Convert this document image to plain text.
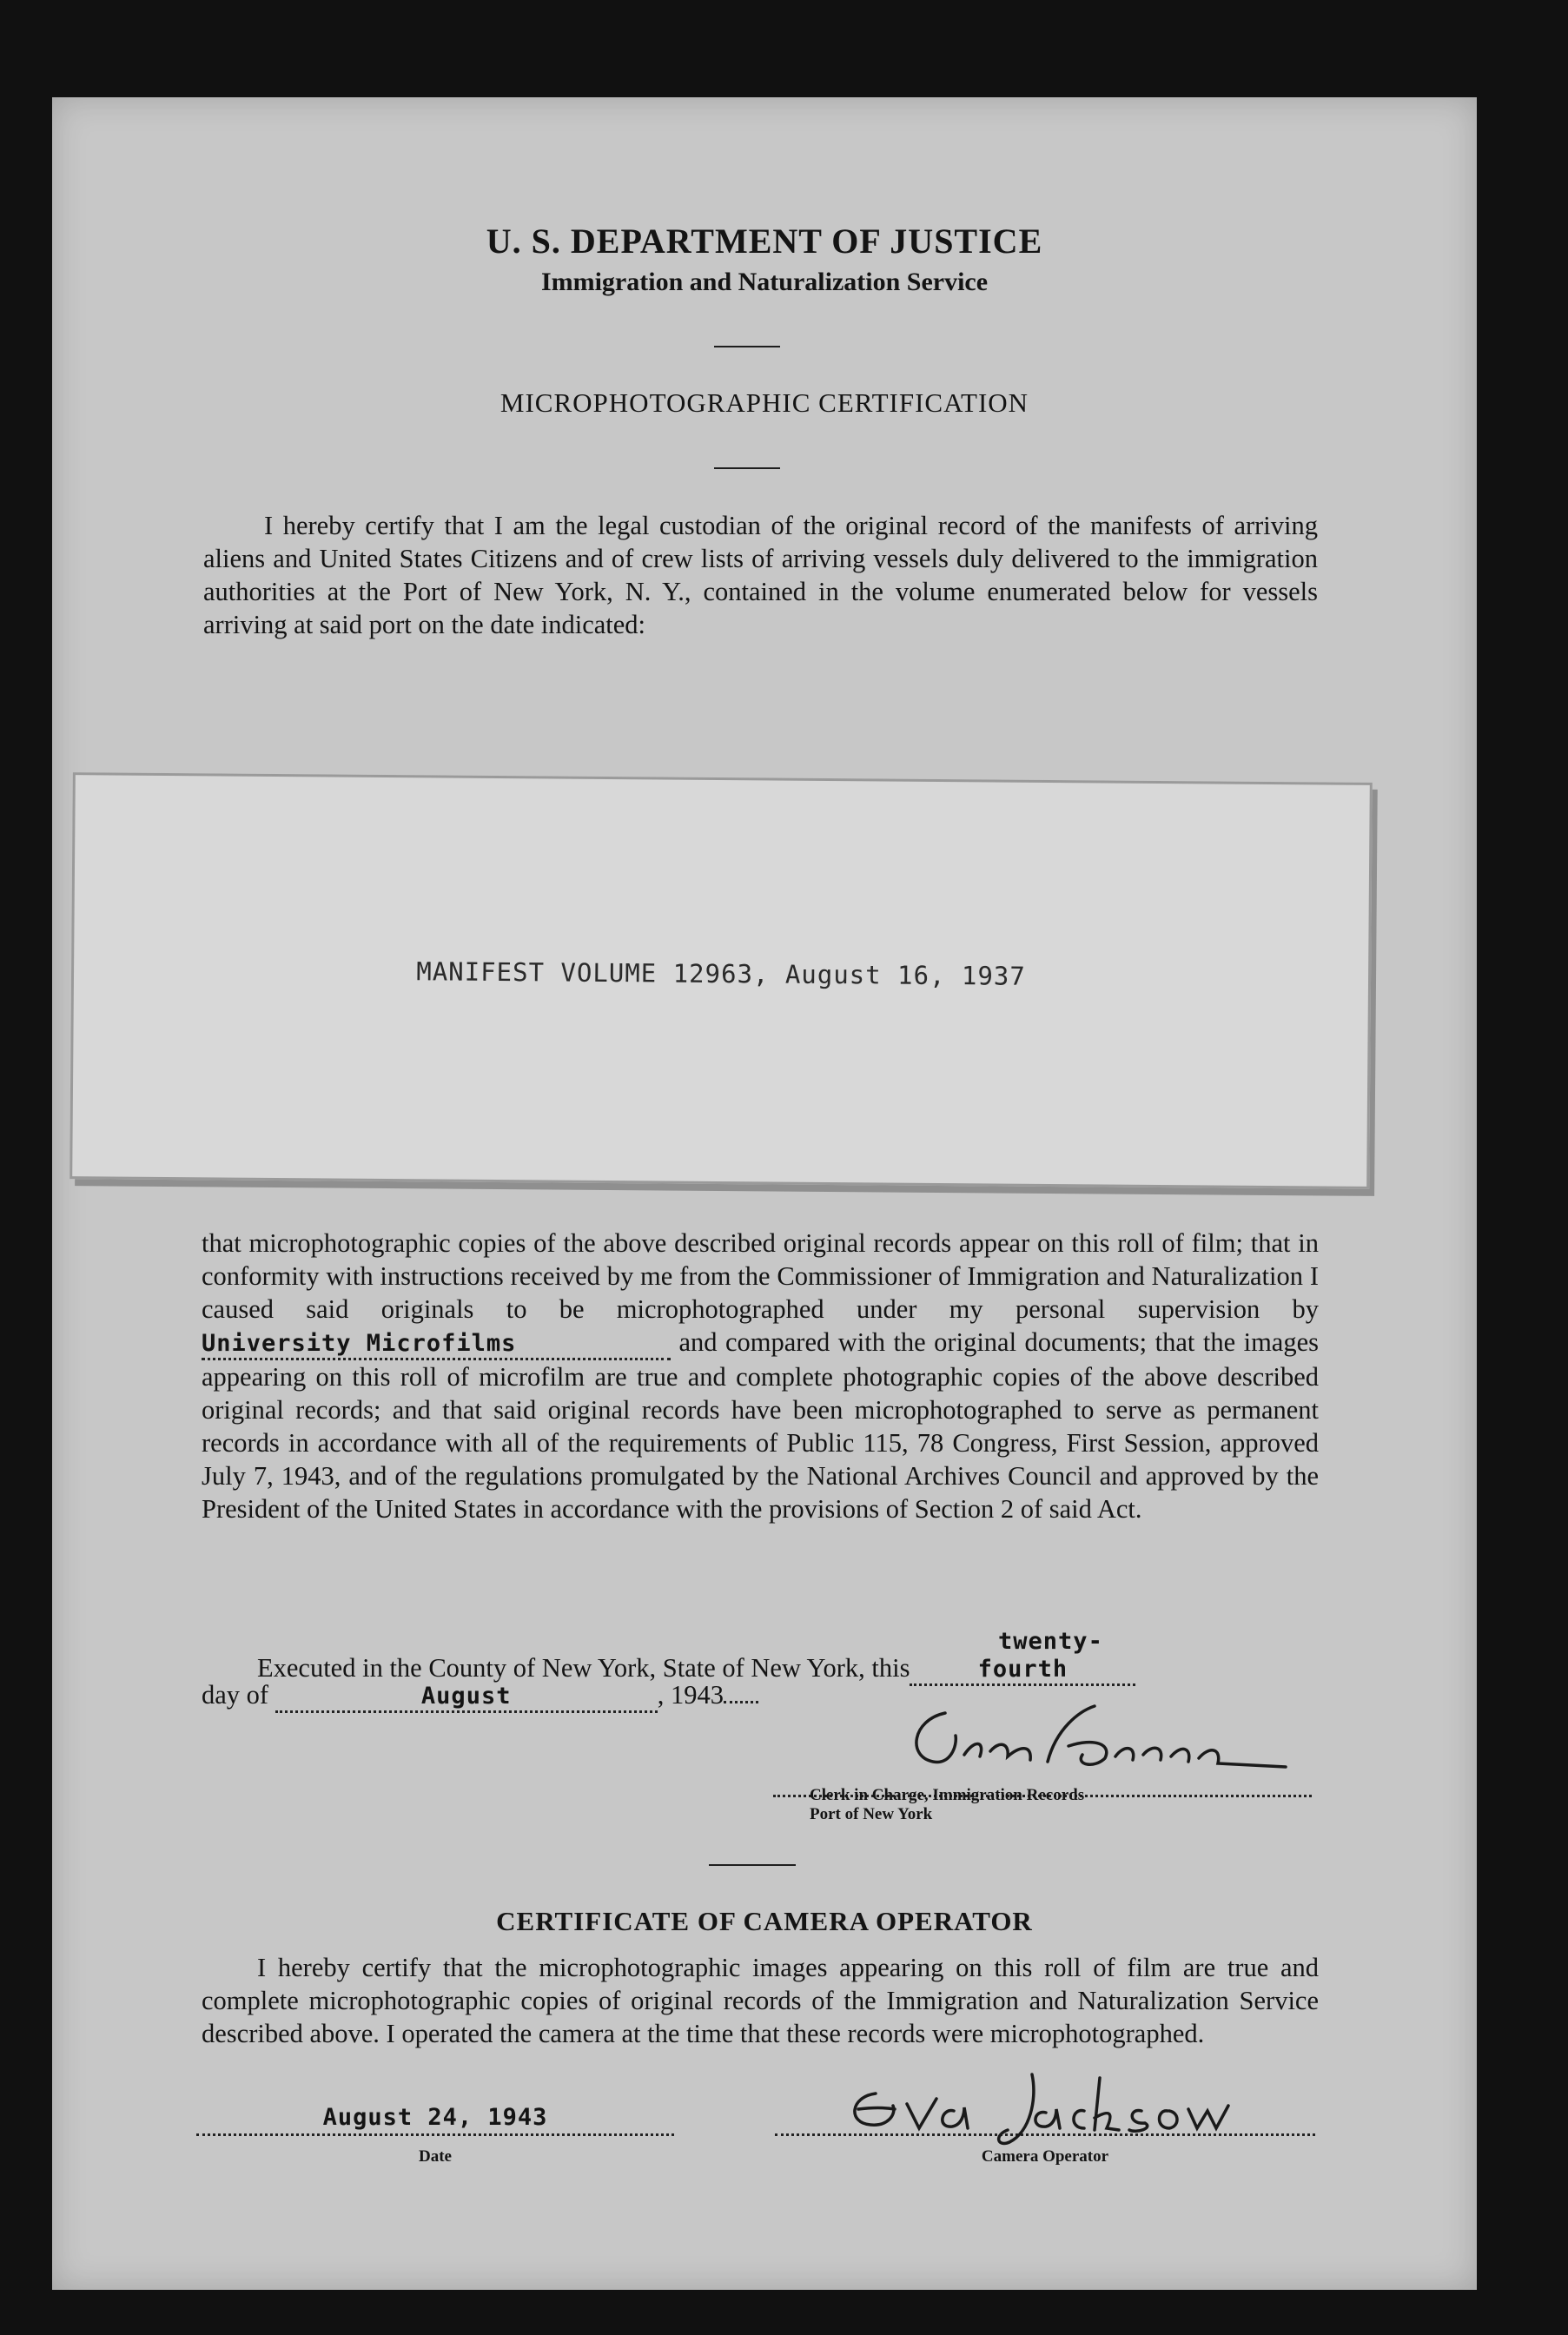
U. S. DEPARTMENT OF JUSTICE
Immigration and Naturalization Service
MICROPHOTOGRAPHIC CERTIFICATION
I hereby certify that I am the legal custodian of the original record of the manifests of arriving aliens and United States Citizens and of crew lists of arriving vessels duly delivered to the immigration authorities at the Port of New York, N. Y., contained in the volume enumerated below for vessels arriving at said port on the date indicated:
MANIFEST VOLUME 12963, August 16, 1937
that microphotographic copies of the above described original records appear on this roll of film; that in conformity with instructions received by me from the Commissioner of Immigration and Naturalization I caused said originals to be microphotographed under my personal supervision by University Microfilms	and compared with the original documents; that the images appearing on this roll of microfilm are true and complete photographic copies of the above described original records; and that said original records have been microphotographed to serve as permanent records in accordance with all of the requirements of Public 115, 78 Congress, First Session, approved July 7, 1943, and of the regulations promulgated by the National Archives Council and approved by the President of the United States in accordance with the provisions of Section 2 of said Act.
Executed in the County of New York, State of New York, thistwenty-fourth
day of	August	, 1943
Clerk in Charge, Immigration Records
Port of New York
CERTIFICATE OF CAMERA OPERATOR
I hereby certify that the microphotographic images appearing on this roll of film are true and complete microphotographic copies of original records of the Immigration and Naturalization Service described above. I operated the camera at the time that these records were microphotographed.
August 24, 1943
Date	Camera Operator
